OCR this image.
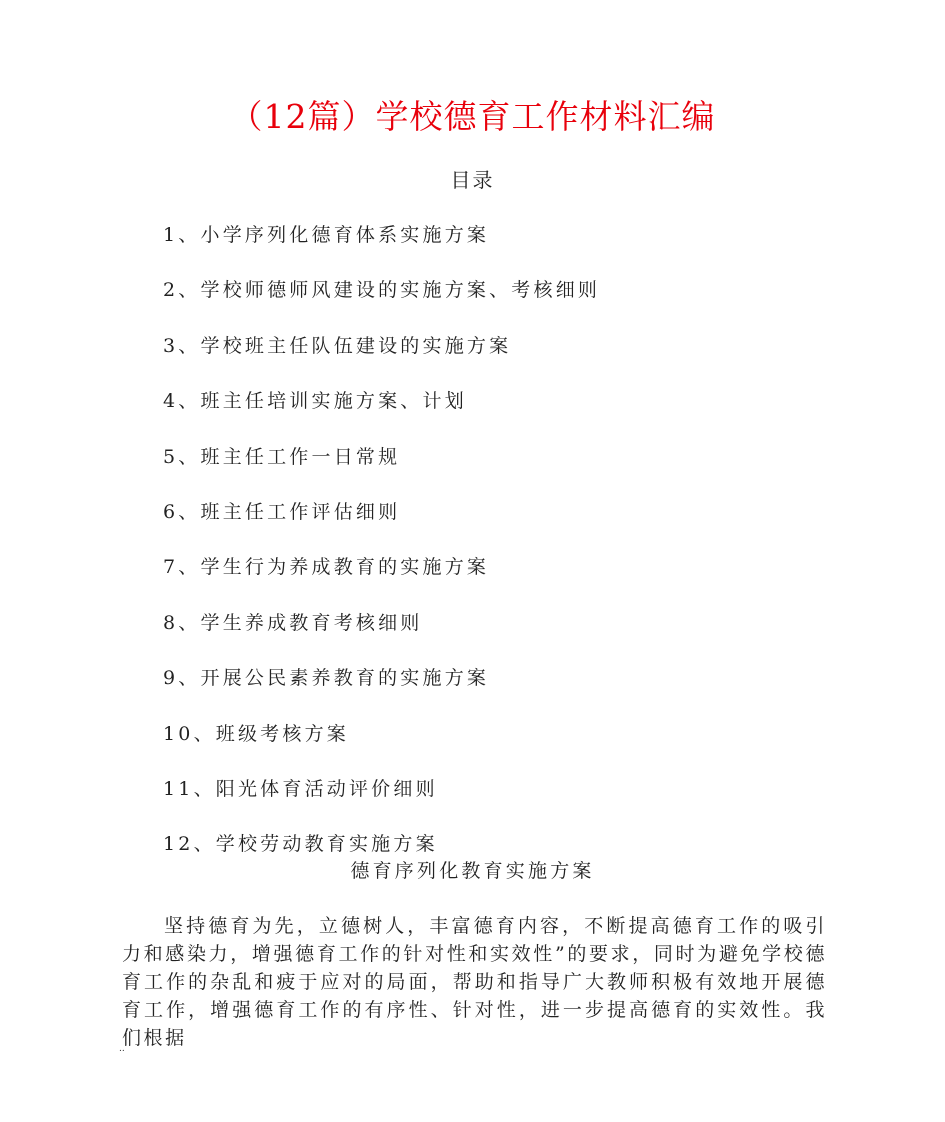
（12篇）学校德育工作材料汇编
目录
1、小学序列化德育体系实施方案
2、学校师德师风建设的实施方案、考核细则
3、学校班主任队伍建设的实施方案
4、班主任培训实施方案、计划
5、班主任工作一日常规
6、班主任工作评估细则
7、学生行为养成教育的实施方案
8、学生养成教育考核细则
9、开展公民素养教育的实施方案
10、班级考核方案
11、阳光体育活动评价细则
12、学校劳动教育实施方案
德育序列化教育实施方案

坚持德育为先，立德树人，丰富德育内容，不断提高德育工作的吸引力和感染力，增强德育工作的针对性和实效性”的要求，同时为避免学校德育工作的杂乱和疲于应对的局面，帮助和指导广大教师积极有效地开展德育工作，增强德育工作的有序性、针对性，进一步提高德育的实效性。我们根据

..
